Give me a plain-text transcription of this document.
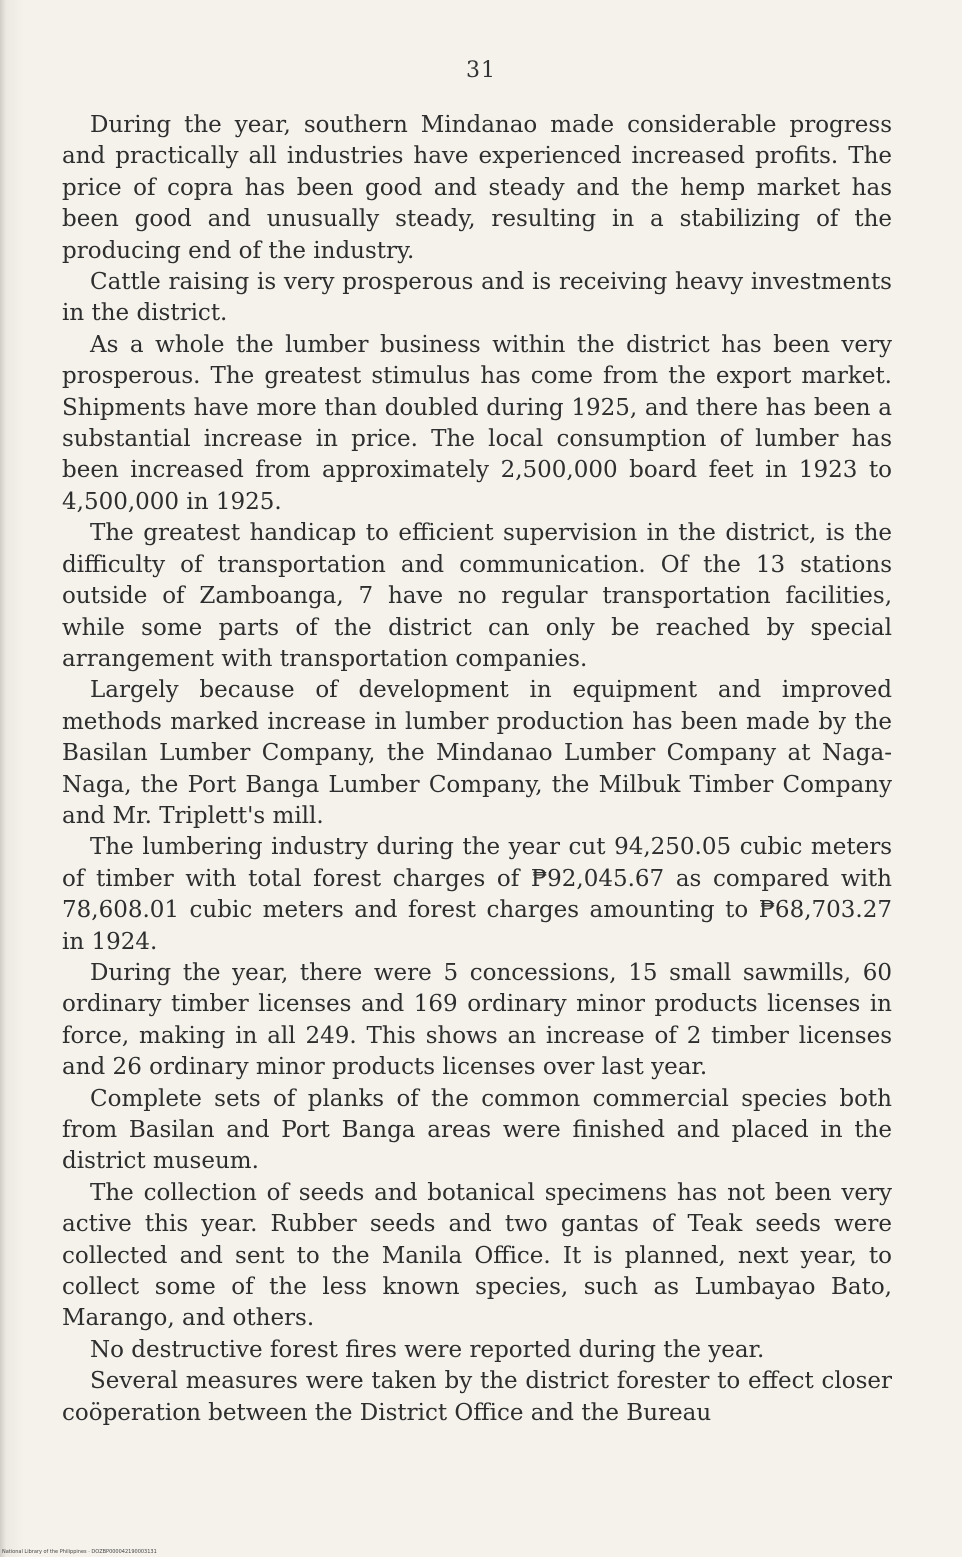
31

During the year, southern Mindanao made considerable progress and practically all industries have experienced increased profits. The price of copra has been good and steady and the hemp market has been good and unusually steady, resulting in a stabilizing of the producing end of the industry.

Cattle raising is very prosperous and is receiving heavy investments in the district.

As a whole the lumber business within the district has been very prosperous. The greatest stimulus has come from the export market. Shipments have more than doubled during 1925, and there has been a substantial increase in price. The local consumption of lumber has been increased from approximately 2,500,000 board feet in 1923 to 4,500,000 in 1925.

The greatest handicap to efficient supervision in the district, is the difficulty of transportation and communication. Of the 13 stations outside of Zamboanga, 7 have no regular transportation facilities, while some parts of the district can only be reached by special arrangement with transportation companies.

Largely because of development in equipment and improved methods marked increase in lumber production has been made by the Basilan Lumber Company, the Mindanao Lumber Company at Naga-Naga, the Port Banga Lumber Company, the Milbuk Timber Company and Mr. Triplett's mill.

The lumbering industry during the year cut 94,250.05 cubic meters of timber with total forest charges of ₱92,045.67 as compared with 78,608.01 cubic meters and forest charges amounting to ₱68,703.27 in 1924.

During the year, there were 5 concessions, 15 small sawmills, 60 ordinary timber licenses and 169 ordinary minor products licenses in force, making in all 249. This shows an increase of 2 timber licenses and 26 ordinary minor products licenses over last year.

Complete sets of planks of the common commercial species both from Basilan and Port Banga areas were finished and placed in the district museum.

The collection of seeds and botanical specimens has not been very active this year. Rubber seeds and two gantas of Teak seeds were collected and sent to the Manila Office. It is planned, next year, to collect some of the less known species, such as Lumbayao Bato, Marango, and others.

No destructive forest fires were reported during the year.

Several measures were taken by the district forester to effect closer coöperation between the District Office and the Bureau

National Library of the Philippines · DOZBP000042190003131
